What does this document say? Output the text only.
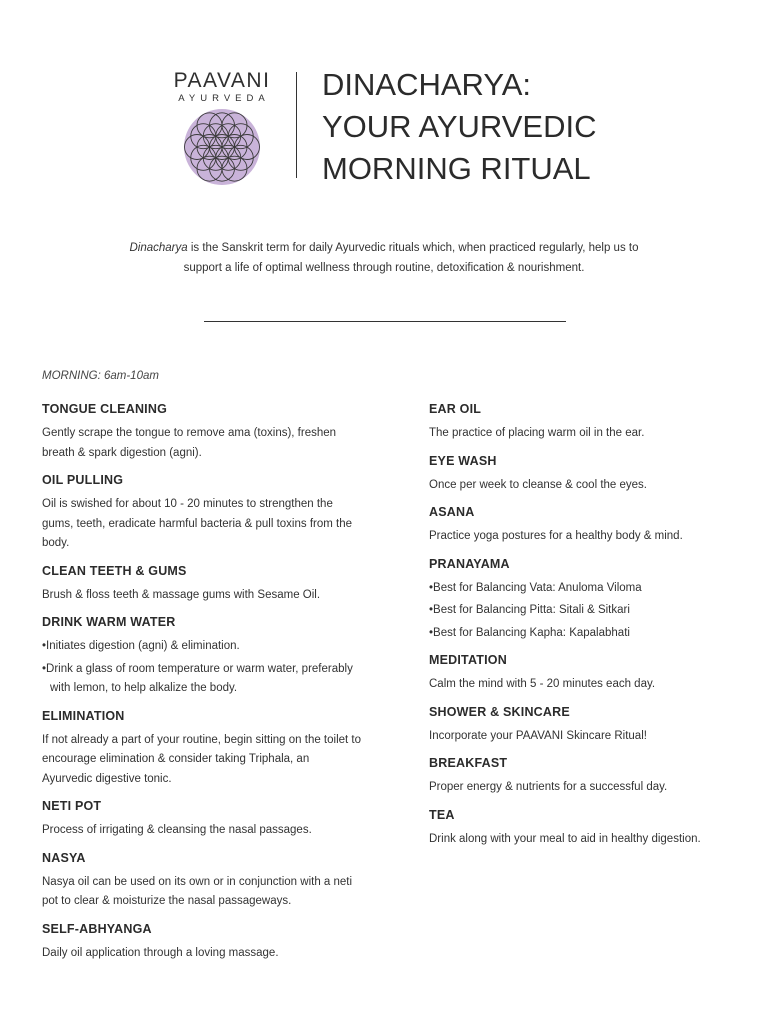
PAAVANI
AYURVEDA DINACHARYA:
YOUR AYURVEDIC
MORNING RITUAL
Dinacharya is the Sanskrit term for daily Ayurvedic rituals which, when practiced regularly, help us to support a life of optimal wellness through routine, detoxification & nourishment.
MORNING: 6am-10am
TONGUE CLEANING

Gently scrape the tongue to remove ama (toxins), freshen breath & spark digestion (agni).

OIL PULLING

Oil is swished for about 10 - 20 minutes to strengthen the gums, teeth, eradicate harmful bacteria & pull toxins from the body.

CLEAN TEETH & GUMS

Brush & floss teeth & massage gums with Sesame Oil.

DRINK WARM WATER
• Initiates digestion (agni) & elimination.
• Drink a glass of room temperature or warm water, preferably with lemon, to help alkalize the body.
ELIMINATION

If not already a part of your routine, begin sitting on the toilet to encourage elimination & consider taking Triphala, an Ayurvedic digestive tonic.

NETI POT

Process of irrigating & cleansing the nasal passages.

NASYA

Nasya oil can be used on its own or in conjunction with a neti pot to clear & moisturize the nasal passageways.

SELF-ABHYANGA

Daily oil application through a loving massage.

EAR OIL

The practice of placing warm oil in the ear.

EYE WASH

Once per week to cleanse & cool the eyes.

ASANA

Practice yoga postures for a healthy body & mind.

PRANAYAMA
• Best for Balancing Vata: Anuloma Viloma
• Best for Balancing Pitta: Sitali & Sitkari
• Best for Balancing Kapha: Kapalabhati
MEDITATION

Calm the mind with 5 - 20 minutes each day.

SHOWER & SKINCARE

Incorporate your PAAVANI Skincare Ritual!

BREAKFAST

Proper energy & nutrients for a successful day.

TEA

Drink along with your meal to aid in healthy digestion.
